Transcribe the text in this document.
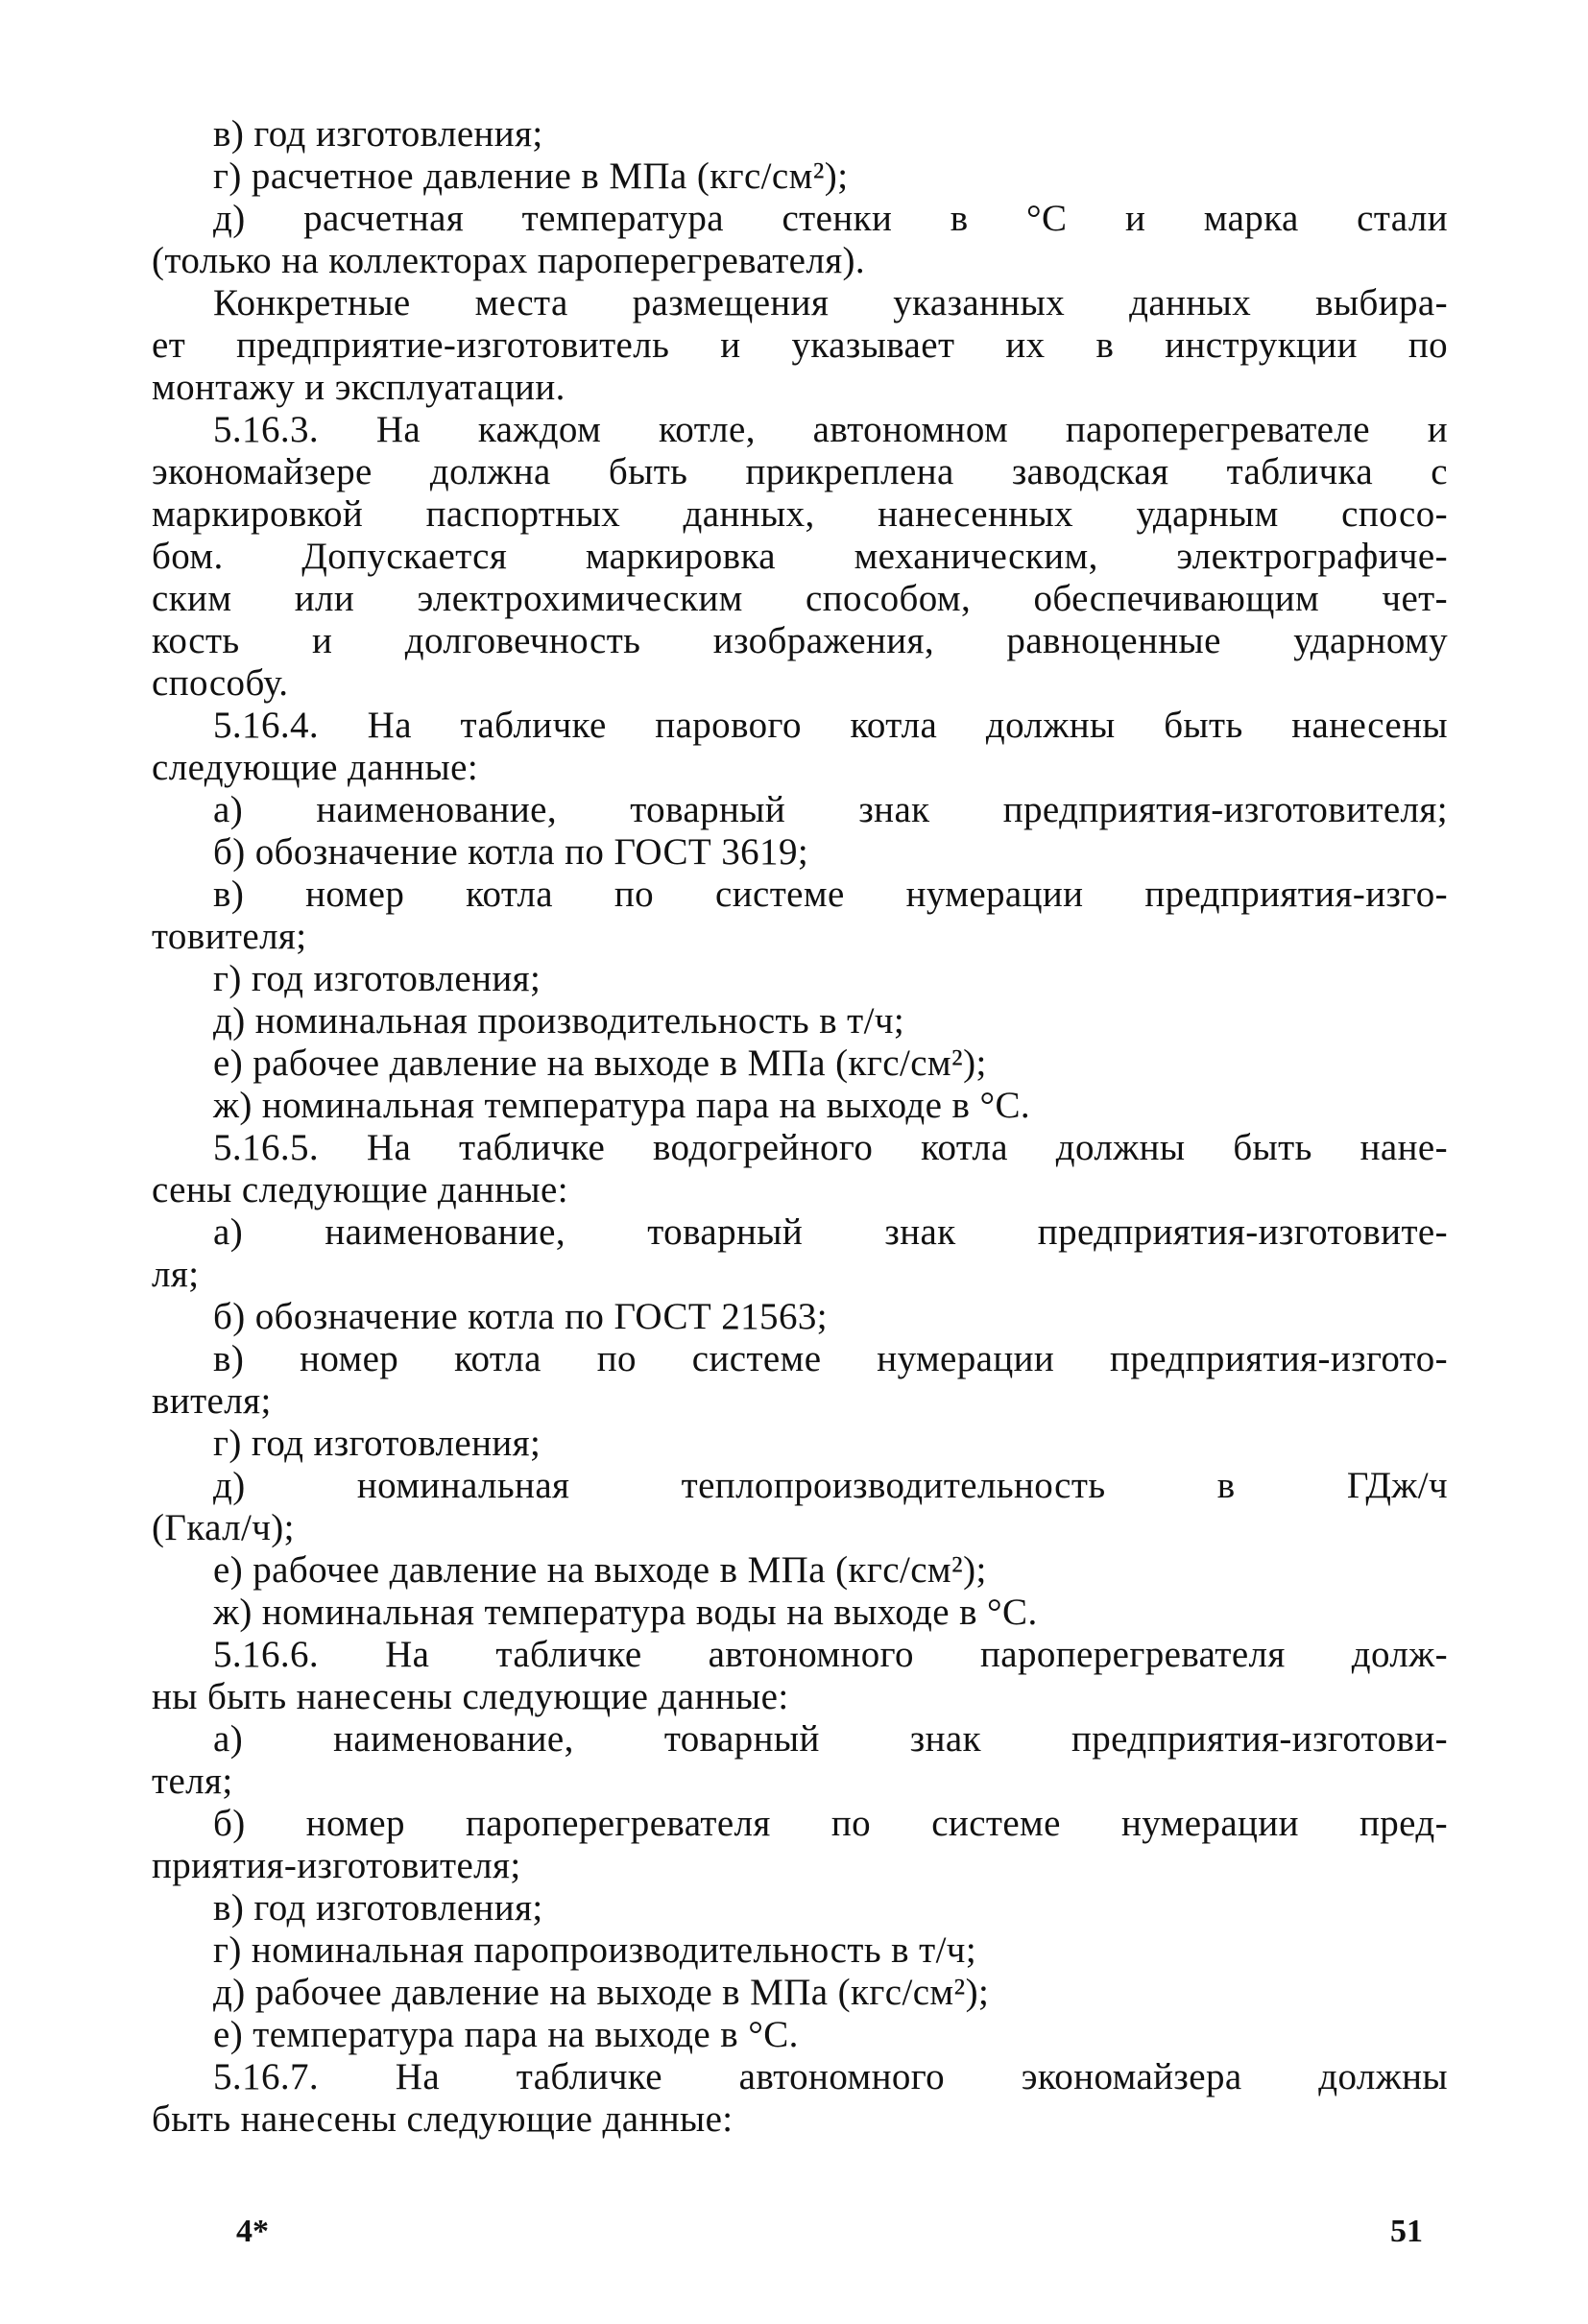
в) год изготовления;
г) расчетное давление в МПа (кгс/см²);
д) расчетная температура стенки в °С и марка стали
(только на коллекторах пароперегревателя).
Конкретные места размещения указанных данных выбира-
ет предприятие-изготовитель и указывает их в инструкции по
монтажу и эксплуатации.
5.16.3. На каждом котле, автономном пароперегревателе и
экономайзере должна быть прикреплена заводская табличка с
маркировкой паспортных данных, нанесенных ударным спосо-
бом. Допускается маркировка механическим, электрографиче-
ским или электрохимическим способом, обеспечивающим чет-
кость и долговечность изображения, равноценные ударному
способу.
5.16.4. На табличке парового котла должны быть нанесены
следующие данные:
а) наименование, товарный знак предприятия-изготовителя;
б) обозначение котла по ГОСТ 3619;
в) номер котла по системе нумерации предприятия-изго-
товителя;
г) год изготовления;
д) номинальная производительность в т/ч;
е) рабочее давление на выходе в МПа (кгс/см²);
ж) номинальная температура пара на выходе в °С.
5.16.5. На табличке водогрейного котла должны быть нане-
сены следующие данные:
а) наименование, товарный знак предприятия-изготовите-
ля;
б) обозначение котла по ГОСТ 21563;
в) номер котла по системе нумерации предприятия-изгото-
вителя;
г) год изготовления;
д) номинальная теплопроизводительность в ГДж/ч
(Гкал/ч);
е) рабочее давление на выходе в МПа (кгс/см²);
ж) номинальная температура воды на выходе в °С.
5.16.6. На табличке автономного пароперегревателя долж-
ны быть нанесены следующие данные:
а) наименование, товарный знак предприятия-изготови-
теля;
б) номер пароперегревателя по системе нумерации пред-
приятия-изготовителя;
в) год изготовления;
г) номинальная паропроизводительность в т/ч;
д) рабочее давление на выходе в МПа (кгс/см²);
е) температура пара на выходе в °С.
5.16.7. На табличке автономного экономайзера должны
быть нанесены следующие данные:
4*	51
